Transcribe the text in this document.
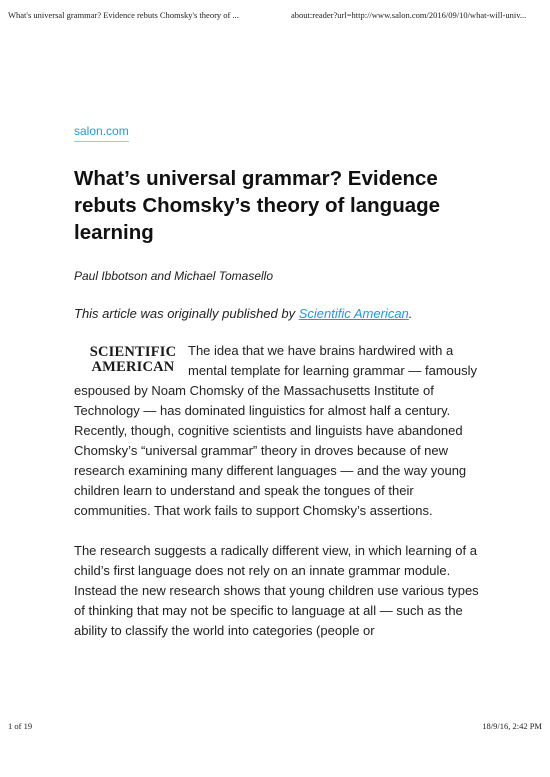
What's universal grammar? Evidence rebuts Chomsky's theory of ...	about:reader?url=http://www.salon.com/2016/09/10/what-will-univ...
salon.com
What’s universal grammar? Evidence rebuts Chomsky’s theory of language learning
Paul Ibbotson and Michael Tomasello
This article was originally published by Scientific American.
SCIENTIFIC
AMERICAN

The idea that we have brains hardwired with a mental template for learning grammar — famously espoused by Noam Chomsky of the Massachusetts Institute of Technology — has dominated linguistics for almost half a century. Recently, though, cognitive scientists and linguists have abandoned Chomsky’s “universal grammar” theory in droves because of new research examining many different languages — and the way young children learn to understand and speak the tongues of their communities. That work fails to support Chomsky’s assertions.

The research suggests a radically different view, in which learning of a child’s first language does not rely on an innate grammar module. Instead the new research shows that young children use various types of thinking that may not be specific to language at all — such as the ability to classify the world into categories (people or

1 of 19	18/9/16, 2:42 PM
